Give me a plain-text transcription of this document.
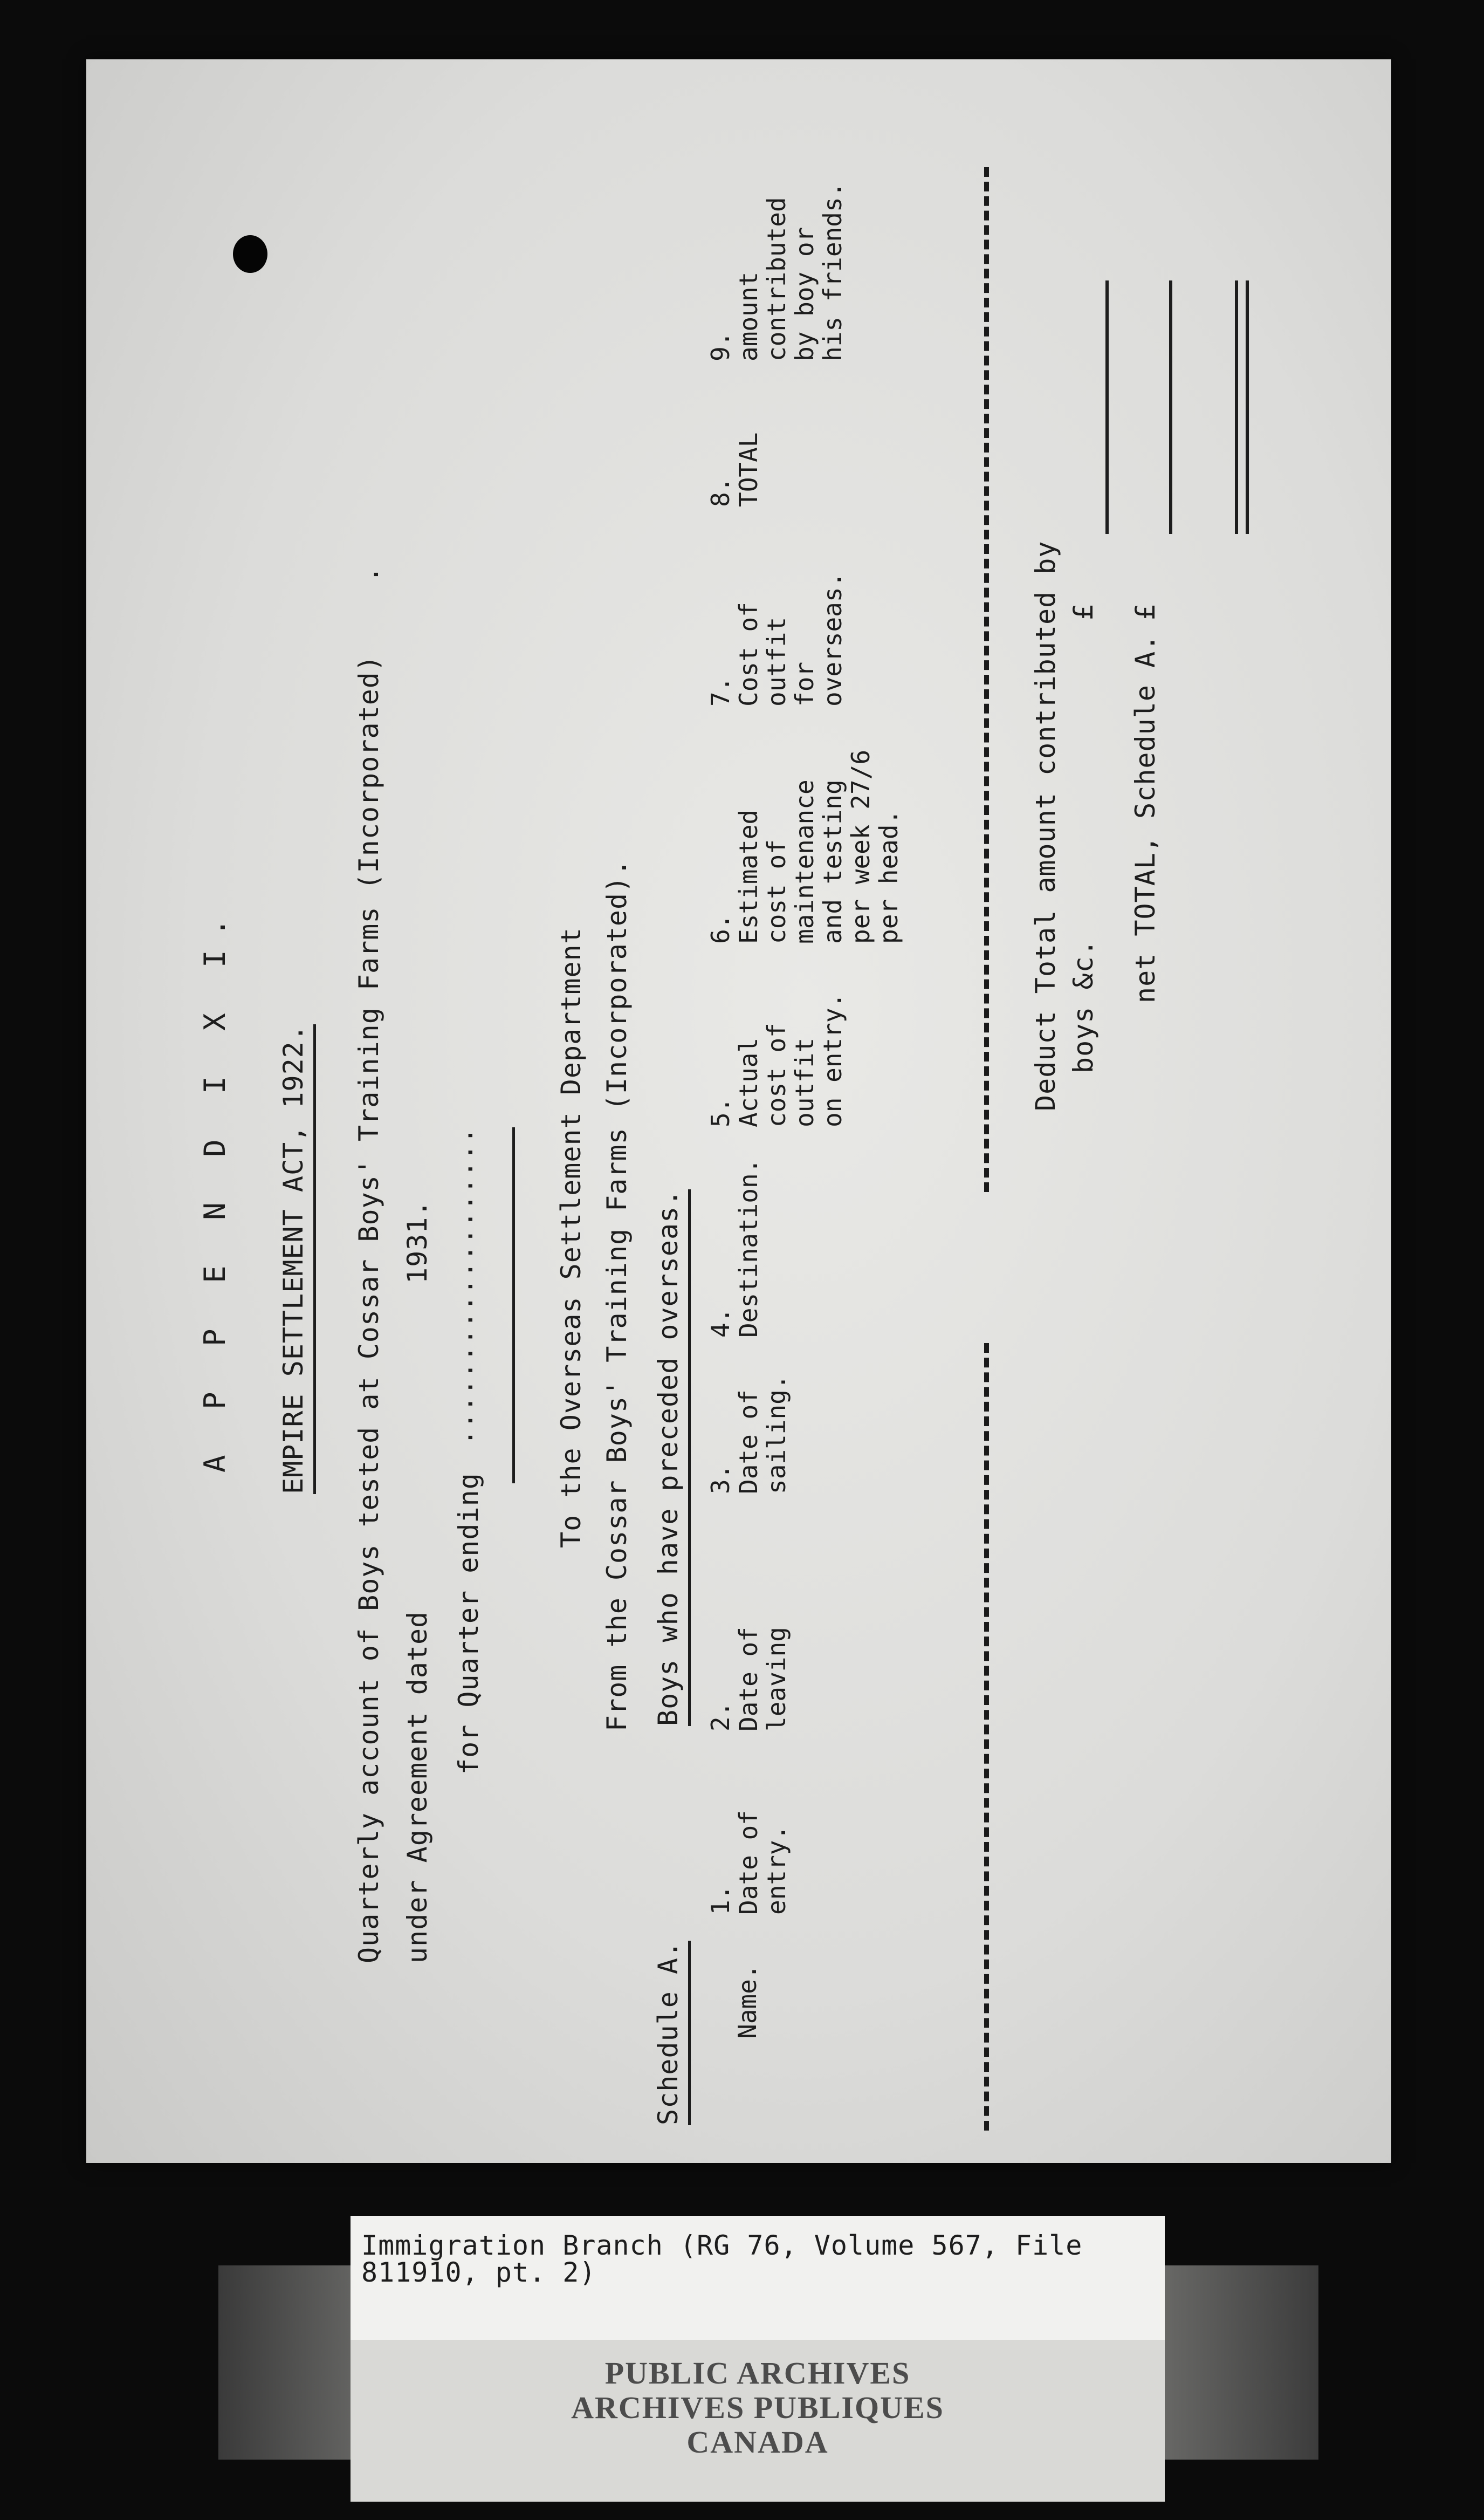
A P P E N D I X I. EMPIRE SETTLEMENT ACT, 1922. Quarterly account of Boys tested at Cossar Boys' Training Farms (Incorporated)
.
under Agreement dated
1931.
for Quarter ending
...................	To the Overseas Settlement Department From the Cossar Boys' Training Farms (Incorporated).
Schedule A.
Boys who have preceded overseas.
Name.
1.
Date of
entry.
2.
Date of
leaving
3.
Date of
sailing.
4.
Destination.
5.
Actual
cost of
outfit
on entry.
6.
Estimated
cost of
maintenance
and testing
per week 27/6
per head.
7.
Cost of
outfit
for
overseas.
8.
TOTAL
9.
amount
contributed
by boy or
his friends.
Deduct Total amount contributed by boys &c.
£
net TOTAL, Schedule A.
£
Immigration Branch (RG 76, Volume 567, File 811910, pt. 2)
PUBLIC ARCHIVES
ARCHIVES PUBLIQUES
CANADA
